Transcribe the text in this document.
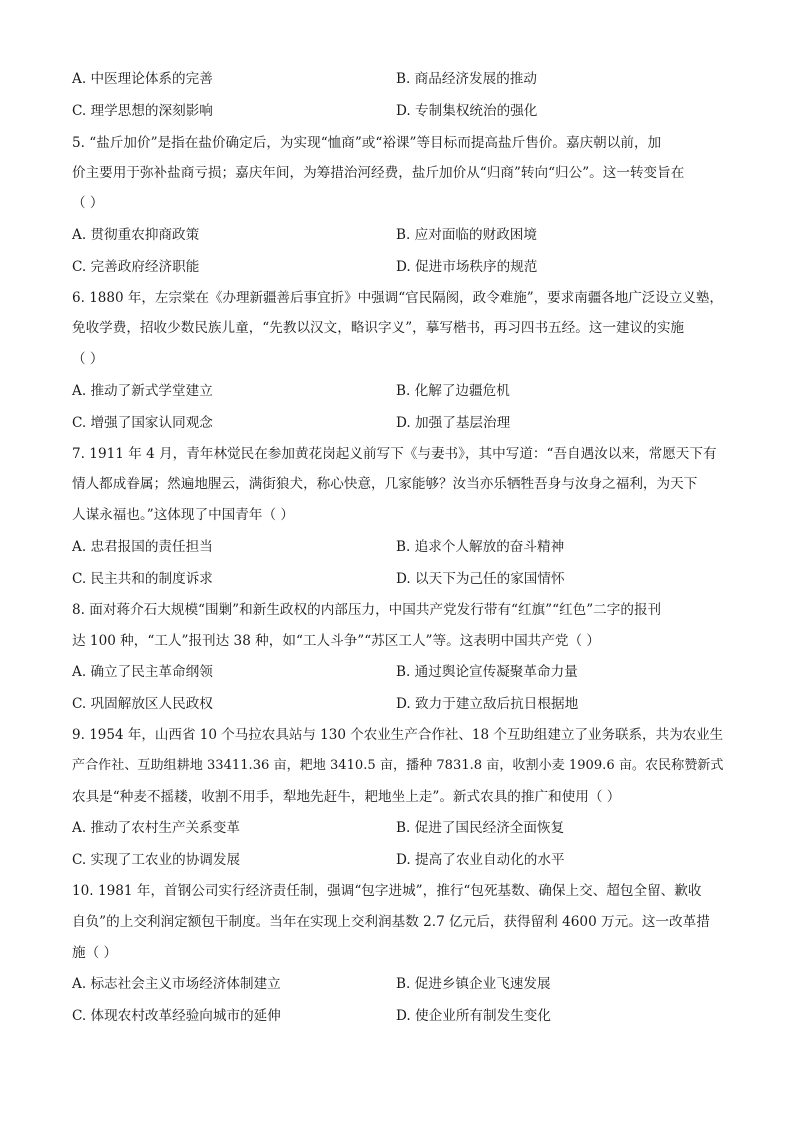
A. 中医理论体系的完善	B. 商品经济发展的推动
C. 理学思想的深刻影响	D. 专制集权统治的强化
5. “盐斤加价”是指在盐价确定后，为实现“恤商”或“裕课”等目标而提高盐斤售价。嘉庆朝以前，加
价主要用于弥补盐商亏损；嘉庆年间，为筹措治河经费，盐斤加价从“归商”转向“归公”。这一转变旨在
（ ）
A. 贯彻重农抑商政策	B. 应对面临的财政困境
C. 完善政府经济职能	D. 促进市场秩序的规范
6. 1880 年，左宗棠在《办理新疆善后事宜折》中强调“官民隔阂，政令难施”，要求南疆各地广泛设立义塾，
免收学费，招收少数民族儿童，“先教以汉文，略识字义”，摹写楷书，再习四书五经。这一建议的实施
（ ）
A. 推动了新式学堂建立	B. 化解了边疆危机
C. 增强了国家认同观念	D. 加强了基层治理
7. 1911 年 4 月，青年林觉民在参加黄花岗起义前写下《与妻书》，其中写道：“吾自遇汝以来，常愿天下有
情人都成眷属；然遍地腥云，满街狼犬，称心快意，几家能够？汝当亦乐牺牲吾身与汝身之福利，为天下
人谋永福也。”这体现了中国青年（ ）
A. 忠君报国的责任担当	B. 追求个人解放的奋斗精神
C. 民主共和的制度诉求	D. 以天下为己任的家国情怀
8. 面对蒋介石大规模“围剿”和新生政权的内部压力，中国共产党发行带有“红旗”“红色”二字的报刊
达 100 种，“工人”报刊达 38 种，如“工人斗争”“苏区工人”等。这表明中国共产党（ ）
A. 确立了民主革命纲领	B. 通过舆论宣传凝聚革命力量
C. 巩固解放区人民政权	D. 致力于建立敌后抗日根据地
9. 1954 年，山西省 10 个马拉农具站与 130 个农业生产合作社、18 个互助组建立了业务联系，共为农业生
产合作社、互助组耕地 33411.36 亩，耙地 3410.5 亩，播种 7831.8 亩，收割小麦 1909.6 亩。农民称赞新式
农具是“种麦不摇耧，收割不用手，犁地先赶牛，耙地坐上走”。新式农具的推广和使用（ ）
A. 推动了农村生产关系变革	B. 促进了国民经济全面恢复
C. 实现了工农业的协调发展	D. 提高了农业自动化的水平
10. 1981 年，首钢公司实行经济责任制，强调“包字进城”，推行“包死基数、确保上交、超包全留、歉收
自负”的上交利润定额包干制度。当年在实现上交利润基数 2.7 亿元后，获得留利 4600 万元。这一改革措
施（ ）
A. 标志社会主义市场经济体制建立	B. 促进乡镇企业飞速发展
C. 体现农村改革经验向城市的延伸	D. 使企业所有制发生变化
